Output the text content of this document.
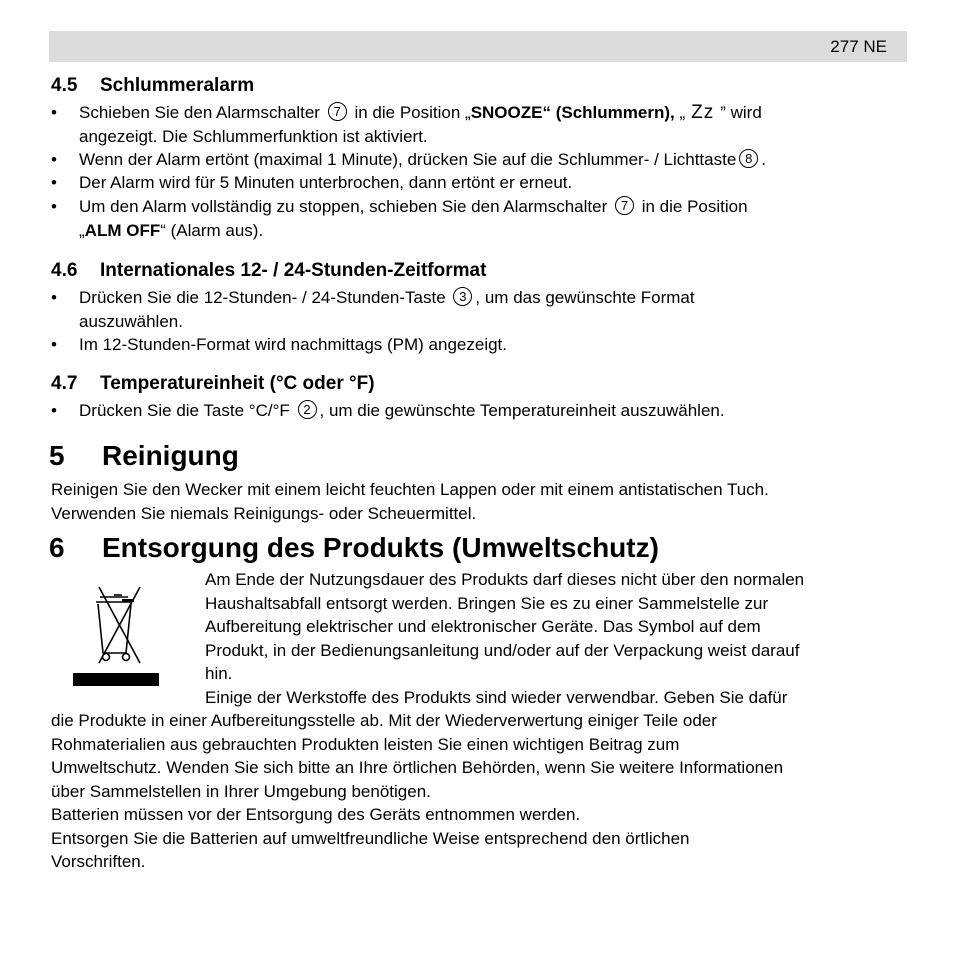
277 NE
4.5 Schlummeralarm
• Schieben Sie den Alarmschalter 7 in die Position „SNOOZE“ (Schlummern), „ Zz ” wird
angezeigt. Die Schlummerfunktion ist aktiviert.
• Wenn der Alarm ertönt (maximal 1 Minute), drücken Sie auf die Schlummer- / Lichttaste 8 .
• Der Alarm wird für 5 Minuten unterbrochen, dann ertönt er erneut.
• Um den Alarm vollständig zu stoppen, schieben Sie den Alarmschalter 7 in die Position
„ALM OFF“ (Alarm aus).
4.6 Internationales 12- / 24-Stunden-Zeitformat
• Drücken Sie die 12-Stunden- / 24-Stunden-Taste 3 , um das gewünschte Format
auszuwählen.
• Im 12-Stunden-Format wird nachmittags (PM) angezeigt.
4.7 Temperatureinheit (°C oder °F)
• Drücken Sie die Taste °C/°F 2 , um die gewünschte Temperatureinheit auszuwählen.
5 Reinigung
Reinigen Sie den Wecker mit einem leicht feuchten Lappen oder mit einem antistatischen Tuch.
Verwenden Sie niemals Reinigungs- oder Scheuermittel.
6 Entsorgung des Produkts (Umweltschutz)
Am Ende der Nutzungsdauer des Produkts darf dieses nicht über den normalen
Haushaltsabfall entsorgt werden. Bringen Sie es zu einer Sammelstelle zur
Aufbereitung elektrischer und elektronischer Geräte. Das Symbol auf dem
Produkt, in der Bedienungsanleitung und/oder auf der Verpackung weist darauf
hin.
Einige der Werkstoffe des Produkts sind wieder verwendbar. Geben Sie dafür
die Produkte in einer Aufbereitungsstelle ab. Mit der Wiederverwertung einiger Teile oder
Rohmaterialien aus gebrauchten Produkten leisten Sie einen wichtigen Beitrag zum
Umweltschutz. Wenden Sie sich bitte an Ihre örtlichen Behörden, wenn Sie weitere Informationen
über Sammelstellen in Ihrer Umgebung benötigen.
Batterien müssen vor der Entsorgung des Geräts entnommen werden.
Entsorgen Sie die Batterien auf umweltfreundliche Weise entsprechend den örtlichen
Vorschriften.
